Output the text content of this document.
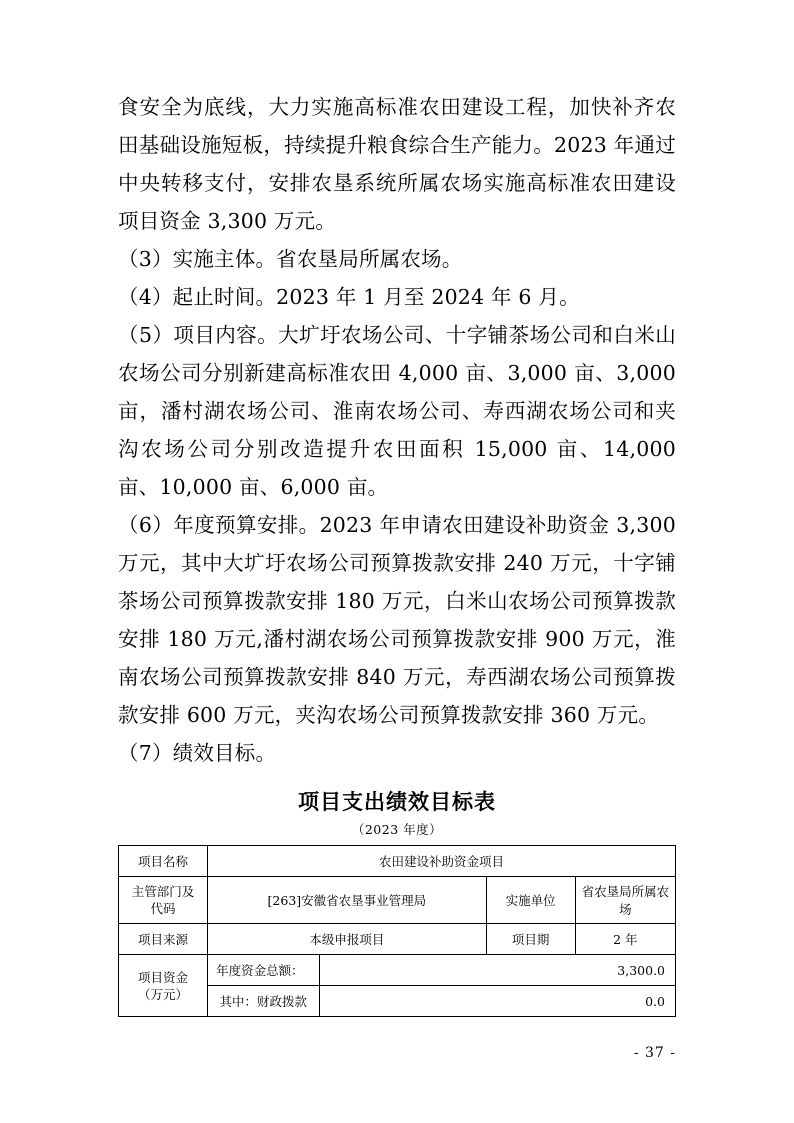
食安全为底线，大力实施高标准农田建设工程，加快补齐农田基础设施短板，持续提升粮食综合生产能力。2023 年通过中央转移支付，安排农垦系统所属农场实施高标准农田建设项目资金 3,300 万元。

（3）实施主体。省农垦局所属农场。

（4）起止时间。2023 年 1 月至 2024 年 6 月。

（5）项目内容。大圹圩农场公司、十字铺茶场公司和白米山农场公司分别新建高标准农田 4,000 亩、3,000 亩、3,000 亩，潘村湖农场公司、淮南农场公司、寿西湖农场公司和夹沟农场公司分别改造提升农田面积 15,000 亩、14,000 亩、10,000 亩、6,000 亩。

（6）年度预算安排。2023 年申请农田建设补助资金 3,300 万元，其中大圹圩农场公司预算拨款安排 240 万元，十字铺茶场公司预算拨款安排 180 万元，白米山农场公司预算拨款安排 180 万元,潘村湖农场公司预算拨款安排 900 万元，淮南农场公司预算拨款安排 840 万元，寿西湖农场公司预算拨款安排 600 万元，夹沟农场公司预算拨款安排 360 万元。

（7）绩效目标。

项目支出绩效目标表
（2023 年度）
项目名称	农田建设补助资金项目			

主管部门及
代码	[263]安徽省农垦事业管理局		实施单位	省农垦局所属农场
项目来源	本级申报项目		项目期	2 年

项目资金
（万元）	年度资金总额：	3,300.0		
	其中：财政拨款	0.0		
- 37 -
